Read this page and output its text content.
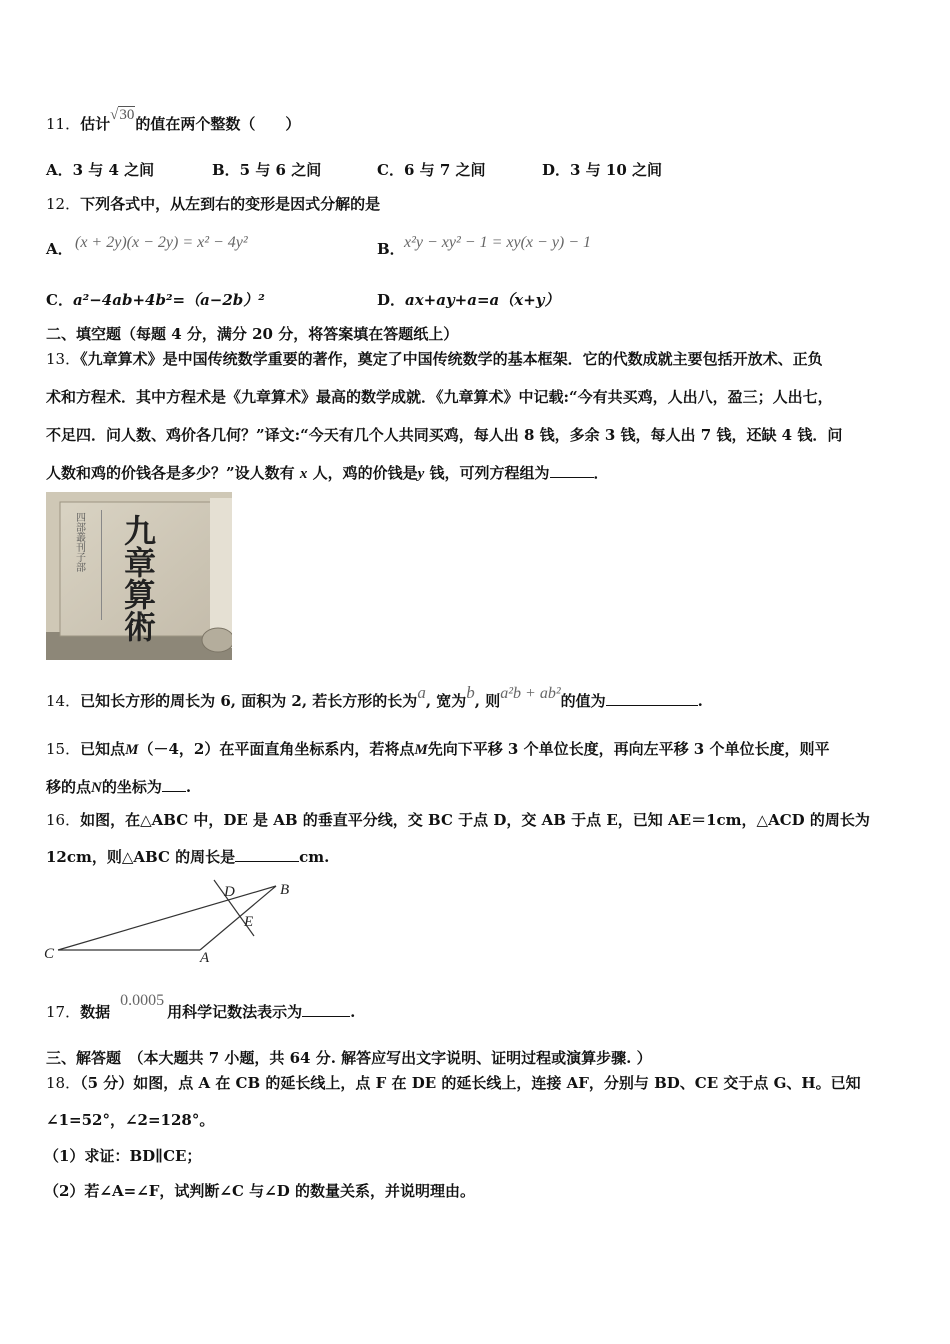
11．估计√30的值在两个整数（　　）
A．3 与 4 之间	B．5 与 6 之间	C．6 与 7 之间	D．3 与 10 之间
12．下列各式中，从左到右的变形是因式分解的是
A． (x + 2y)(x − 2y) = x² − 4y²	B． x²y − xy² − 1 = xy(x − y) − 1
C．a²−4ab+4b²=（a−2b）²	D．ax+ay+a=a（x+y）
二、填空题（每题 4 分，满分 20 分，将答案填在答题纸上）
13．《九章算术》是中国传统数学重要的著作，奠定了中国传统数学的基本框架．它的代数成就主要包括开放术、正负
术和方程术．其中方程术是《九章算术》最高的数学成就．《九章算术》中记载:“今有共买鸡，人出八，盈三；人出七，
不足四．问人数、鸡价各几何？”译文:“今天有几个人共同买鸡，每人出 8 钱，多余 3 钱，每人出 7 钱，还缺 4 钱．问
人数和鸡的价钱各是多少？”设人数有 x 人，鸡的价钱是y 钱，可列方程组为	．
四部叢刊子部 九章算術
14．已知长方形的周长为 6, 面积为 2, 若长方形的长为a, 宽为b, 则a²b + ab²的值为	.
15．已知点M（－4，2）在平面直角坐标系内，若将点M先向下平移 3 个单位长度，再向左平移 3 个单位长度，则平
移的点N的坐标为 .
16．如图，在△ABC 中，DE 是 AB 的垂直平分线，交 BC 于点 D，交 AB 于点 E，已知 AE＝1cm，△ACD 的周长为
12cm，则△ABC 的周长是	cm.
D	B
E
C	A
17．数据0.0005用科学记数法表示为	.
三、解答题　（本大题共 7 小题，共 64 分. 解答应写出文字说明、证明过程或演算步骤. ）
18．（5 分）如图，点 A 在 CB 的延长线上，点 F 在 DE 的延长线上，连接 AF，分别与 BD、CE 交于点 G、H。已知
∠1=52°，∠2=128°。
（1）求证：BD∥CE；
（2）若∠A=∠F，试判断∠C 与∠D 的数量关系，并说明理由。
